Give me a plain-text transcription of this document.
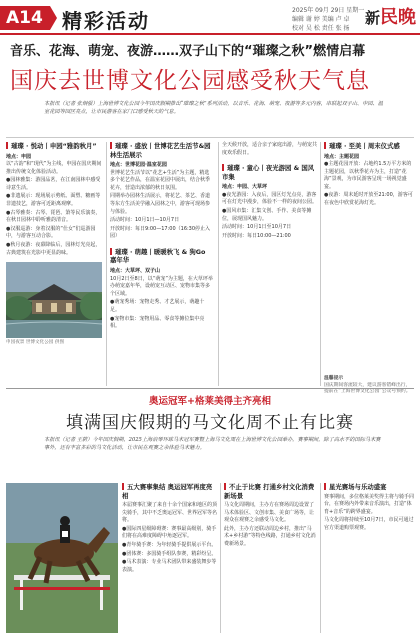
A14 精彩活动	2025年 09月 29日 星期一
编辑 谢 婷 美编 卢 卓
校对 吴 松 责任 张 扬
新民晚
音乐、花海、萌宠、夜游……双子山下的“璀璨之秋”燃情启幕
国庆去世博文化公园感受秋天气息
本报讯（记者 张炯强）上海世博文化公园今年国庆假期推出“璀璨之秋”系列活动，以音乐、花海、萌宠、夜游等多元内容，串联起双子山、申园、温室花园等园区亮点，让市民游客在家门口感受秋天的气息。
璀璨 · 悦动丨申园“雅韵秋月”
地点：申园
以“古韵”和“现代”为主线，申园在国庆期间推出传统文化体验活动。
●园林雅集：游园品茗，在江南园林中感受诗意生活。
●非遗展示：现场展示剪纸、面塑、糖画等非遗技艺，游客可近距离观摩。
●古琴雅奏：古琴、琵琶、箫等民乐演奏，在秋日园林中聆听雅韵清音。
●汉服巡游：身着汉服的“仕女”们巡游园中，与游客互动合影。
●秋月夜游：夜幕降临后，园林灯光亮起，古典建筑在光影中更显韵味。
申园夜景 世博文化公园 供图
璀璨 · 盛放丨世博花艺生活节&园林生活展示
地点：世博花园·温室花园
世博花艺生活节以“花艺+生活”为主题，精选多个花艺作品，在温室花园中展出，结合秋季花卉，营造出浓郁的秋日氛围。
同期举办园林生活展示，将花艺、茶艺、香道等东方生活美学融入园林之中，游客可现场参与体验。
活动时间：10月1日—10月7日
开放时间：每日9:00—17:00（16:30停止入园）
璀璨 · 萌趣丨暖暖秋飞 & 狗Go 嘉年华
地点：大草坪、双子山
10月2日至8日，以“萌宠”为主题，在大草坪举办萌宠嘉年华，设萌宠互动区、宠物市集等多个区域。
●萌宠秀场：宠物走秀、才艺展示，萌趣十足。
●宠物市集：宠物用品、零食等摊位集中亮相。
全天候开放，适合亲子家庭出游，与萌宠共度欢乐假日。
璀璨 · 童心丨夜光游园 & 国风市集
地点：申园、大草坪
●夜光游园：入夜后，园区灯光点亮，游客可在灯光中漫步，体验不一样的夜间公园。
●国风市集：汇集文创、手作、美食等摊位，展现国风魅力。
活动时间：10月1日至10月7日
开放时间：每日10:00—21:00
璀璨 · 至美丨周末仪式感
地点：主题花园
●主题花园开放：占地约1.5万平方米的主题花园，以秋季花卉为主，打造“花海”景观，为市民游客呈现一场视觉盛宴。
●夜游：周末延时开放至21:00，游客可在夜色中欣赏花海灯光。
温馨提示
国庆期间客流较大，建议游客错峰出行，
提前在“上海世博文化公园”公众号预约。
奥运冠军+格莱美得主齐亮相
填满国庆假期的马文化周不止有比赛
本报讯（记者 王蔚）今年国庆假期，2025上海浪琴环球马术冠军赛暨上海马文化周在上海世博文化公园举办。赛事期间，除了高水平的国际马术赛事外，还有丰富多彩的马文化活动，让市民在观赛之余体验马术魅力。
五大赛事集结 奥运冠军再度亮相
本届赛事汇聚了来自十余个国家和地区的顶尖骑手，其中不乏奥运冠军、世界冠军等名将。
●国际四星级障碍赛：赛事最高级别，骑手们将在高难度障碍中角逐冠军。
●青年骑手赛：为年轻骑手提供展示平台。
●团体赛：多国骑手组队参赛，精彩纷呈。
●马术表演：专业马术团队带来盛装舞步等表演。
不止于比赛 打通乡村文化消费新场景
马文化周期间，主办方在赛场周边设置了马术体验区、文创市集、美食广场等，让观众在观赛之余感受马文化。
此外，主办方还联动周边乡村，推出“马术+乡村游”等特色线路，打通乡村文化消费新场景。
星光赛场与乐动盛宴
赛事期间，多位格莱美奖得主将与骑手同台，在赛场内外带来音乐演出，打造“体育+音乐”的跨界盛宴。
马文化周将持续至10月7日，市民可通过官方渠道购票观赛。
